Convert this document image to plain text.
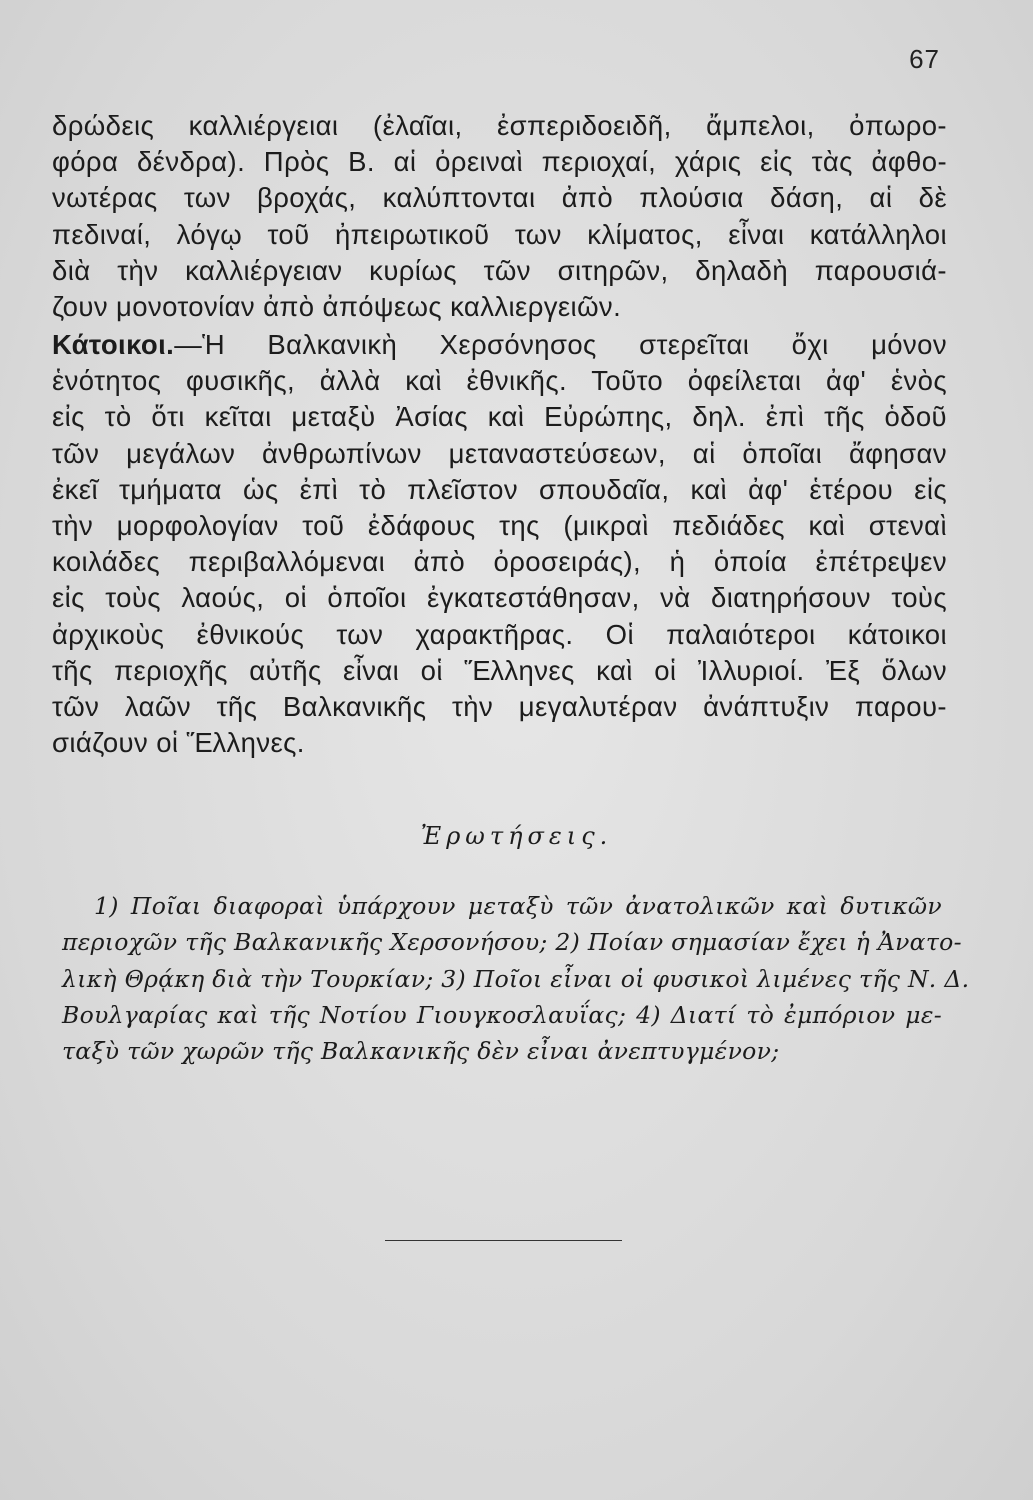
67
δρώδεις καλλιέργειαι (ἐλαῖαι, ἐσπεριδοειδῆ, ἄμπελοι, ὀπωρο-
φόρα δένδρα). Πρὸς Β. αἱ ὀρειναὶ περιοχαί, χάρις εἰς τὰς ἀφθο-
νωτέρας των βροχάς, καλύπτονται ἀπὸ πλούσια δάση, αἱ δὲ
πεδιναί, λόγῳ τοῦ ἠπειρωτικοῦ των κλίματος, εἶναι κατάλληλοι
διὰ τὴν καλλιέργειαν κυρίως τῶν σιτηρῶν, δηλαδὴ παρουσιά-
ζουν μονοτονίαν ἀπὸ ἀπόψεως καλλιεργειῶν.
Κάτοικοι.—Ἡ Βαλκανικὴ Χερσόνησος στερεῖται ὄχι μόνον
ἑνότητος φυσικῆς, ἀλλὰ καὶ ἐθνικῆς. Τοῦτο ὀφείλεται ἀφ' ἑνὸς
εἰς τὸ ὅτι κεῖται μεταξὺ Ἀσίας καὶ Εὐρώπης, δηλ. ἐπὶ τῆς ὁδοῦ
τῶν μεγάλων ἀνθρωπίνων μεταναστεύσεων, αἱ ὁποῖαι ἄφησαν
ἐκεῖ τμήματα ὡς ἐπὶ τὸ πλεῖστον σπουδαῖα, καὶ ἀφ' ἑτέρου εἰς
τὴν μορφολογίαν τοῦ ἐδάφους της (μικραὶ πεδιάδες καὶ στεναὶ
κοιλάδες περιβαλλόμεναι ἀπὸ ὀροσειράς), ἡ ὁποία ἐπέτρεψεν
εἰς τοὺς λαούς, οἱ ὁποῖοι ἐγκατεστάθησαν, νὰ διατηρήσουν τοὺς
ἀρχικοὺς ἐθνικούς των χαρακτῆρας. Οἱ παλαιότεροι κάτοικοι
τῆς περιοχῆς αὐτῆς εἶναι οἱ Ἕλληνες καὶ οἱ Ἰλλυριοί. Ἐξ ὅλων
τῶν λαῶν τῆς Βαλκανικῆς τὴν μεγαλυτέραν ἀνάπτυξιν παρου-
σιάζουν οἱ Ἕλληνες.
Ἐρωτήσεις.
1) Ποῖαι διαφοραὶ ὑπάρχουν μεταξὺ τῶν ἀνατολικῶν καὶ δυτικῶν
περιοχῶν τῆς Βαλκανικῆς Χερσονήσου; 2) Ποίαν σημασίαν ἔχει ἡ Ἀνατο-
λικὴ Θρᾴκη διὰ τὴν Τουρκίαν; 3) Ποῖοι εἶναι οἱ φυσικοὶ λιμένες τῆς Ν. Δ.
Βουλγαρίας καὶ τῆς Νοτίου Γιουγκοσλαυΐας; 4) Διατί τὸ ἐμπόριον με-
ταξὺ τῶν χωρῶν τῆς Βαλκανικῆς δὲν εἶναι ἀνεπτυγμένον;
